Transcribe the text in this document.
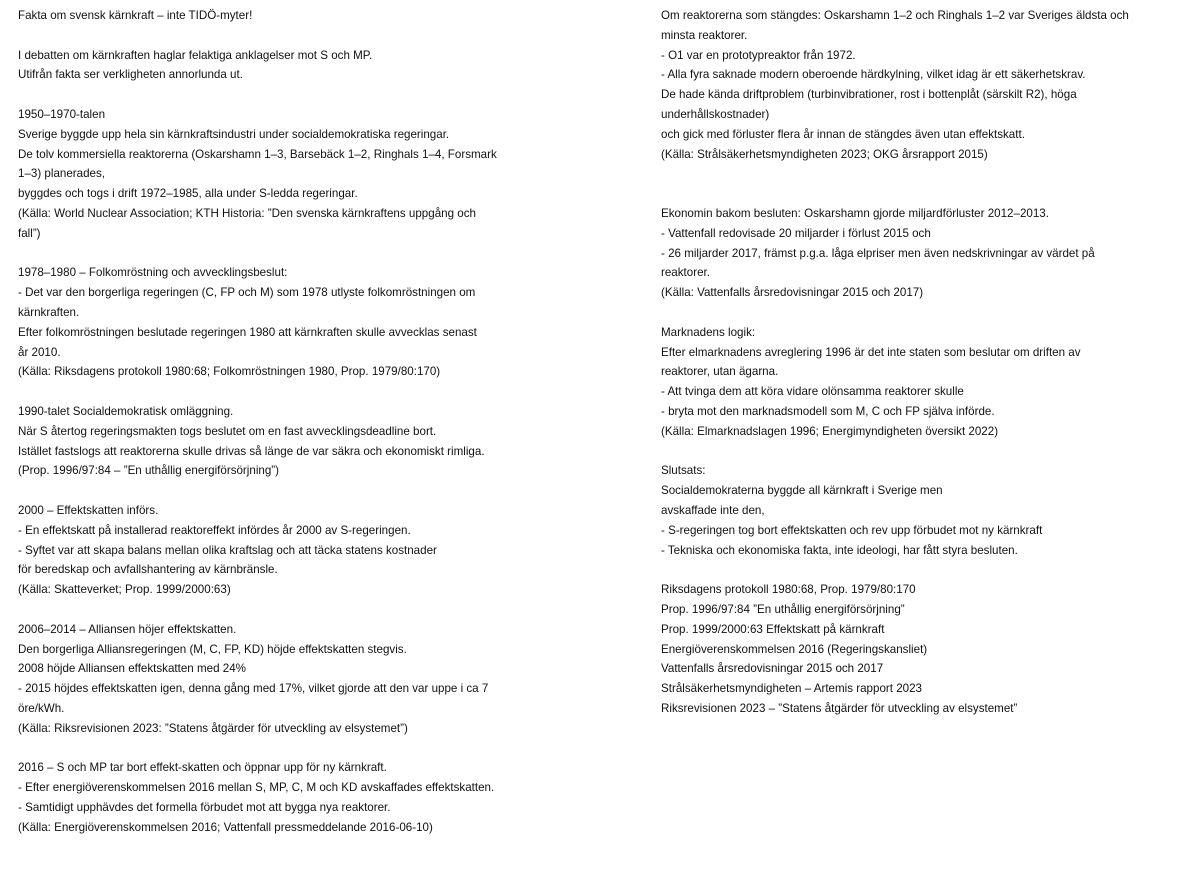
Fakta om svensk kärnkraft – inte TIDÖ-myter!
I debatten om kärnkraften haglar felaktiga anklagelser mot S och MP.
Utifrån fakta ser verkligheten annorlunda ut.
1950–1970-talen
Sverige byggde upp hela sin kärnkraftsindustri under socialdemokratiska regeringar.
De tolv kommersiella reaktorerna (Oskarshamn 1–3, Barsebäck 1–2, Ringhals 1–4, Forsmark
1–3) planerades,
byggdes och togs i drift 1972–1985, alla under S-ledda regeringar.
(Källa: World Nuclear Association; KTH Historia: ”Den svenska kärnkraftens uppgång och
fall”)
1978–1980 – Folkomröstning och avvecklingsbeslut:
- Det var den borgerliga regeringen (C, FP och M) som 1978 utlyste folkomröstningen om
kärnkraften.
Efter folkomröstningen beslutade regeringen 1980 att kärnkraften skulle avvecklas senast
år 2010.
(Källa: Riksdagens protokoll 1980:68; Folkomröstningen 1980, Prop. 1979/80:170)
1990-talet Socialdemokratisk omläggning.
När S återtog regeringsmakten togs beslutet om en fast avvecklingsdeadline bort.
Istället fastslogs att reaktorerna skulle drivas så länge de var säkra och ekonomiskt rimliga.
(Prop. 1996/97:84 – ”En uthållig energiförsörjning”)
2000 – Effektskatten införs.
- En effektskatt på installerad reaktoreffekt infördes år 2000 av S-regeringen.
- Syftet var att skapa balans mellan olika kraftslag och att täcka statens kostnader
för beredskap och avfallshantering av kärnbränsle.
(Källa: Skatteverket; Prop. 1999/2000:63)
2006–2014 – Alliansen höjer effektskatten.
Den borgerliga Alliansregeringen (M, C, FP, KD) höjde effektskatten stegvis.
2008 höjde Alliansen effektskatten med 24%
- 2015 höjdes effektskatten igen, denna gång med 17%, vilket gjorde att den var uppe i ca 7
öre/kWh.
(Källa: Riksrevisionen 2023: ”Statens åtgärder för utveckling av elsystemet”)
2016 – S och MP tar bort effekt-skatten och öppnar upp för ny kärnkraft.
- Efter energiöverenskommelsen 2016 mellan S, MP, C, M och KD avskaffades effektskatten.
- Samtidigt upphävdes det formella förbudet mot att bygga nya reaktorer.
(Källa: Energiöverenskommelsen 2016; Vattenfall pressmeddelande 2016-06-10)
Om reaktorerna som stängdes: Oskarshamn 1–2 och Ringhals 1–2 var Sveriges äldsta och
minsta reaktorer.
- O1 var en prototypreaktor från 1972.
- Alla fyra saknade modern oberoende härdkylning, vilket idag är ett säkerhetskrav.
De hade kända driftproblem (turbinvibrationer, rost i bottenplåt (särskilt R2), höga
underhållskostnader)
och gick med förluster flera år innan de stängdes även utan effektskatt.
(Källa: Strålsäkerhetsmyndigheten 2023; OKG årsrapport 2015)
Ekonomin bakom besluten: Oskarshamn gjorde miljardförluster 2012–2013.
- Vattenfall redovisade 20 miljarder i förlust 2015 och
- 26 miljarder 2017, främst p.g.a. låga elpriser men även nedskrivningar av värdet på
reaktorer.
(Källa: Vattenfalls årsredovisningar 2015 och 2017)
Marknadens logik:
Efter elmarknadens avreglering 1996 är det inte staten som beslutar om driften av
reaktorer, utan ägarna.
- Att tvinga dem att köra vidare olönsamma reaktorer skulle
- bryta mot den marknadsmodell som M, C och FP själva införde.
(Källa: Elmarknadslagen 1996; Energimyndigheten översikt 2022)
Slutsats:
Socialdemokraterna byggde all kärnkraft i Sverige men
avskaffade inte den,
- S-regeringen tog bort effektskatten och rev upp förbudet mot ny kärnkraft
- Tekniska och ekonomiska fakta, inte ideologi, har fått styra besluten.
Riksdagens protokoll 1980:68, Prop. 1979/80:170
Prop. 1996/97:84 ”En uthållig energiförsörjning”
Prop. 1999/2000:63 Effektskatt på kärnkraft
Energiöverenskommelsen 2016 (Regeringskansliet)
Vattenfalls årsredovisningar 2015 och 2017
Strålsäkerhetsmyndigheten – Artemis rapport 2023
Riksrevisionen 2023 – ”Statens åtgärder för utveckling av elsystemet”
